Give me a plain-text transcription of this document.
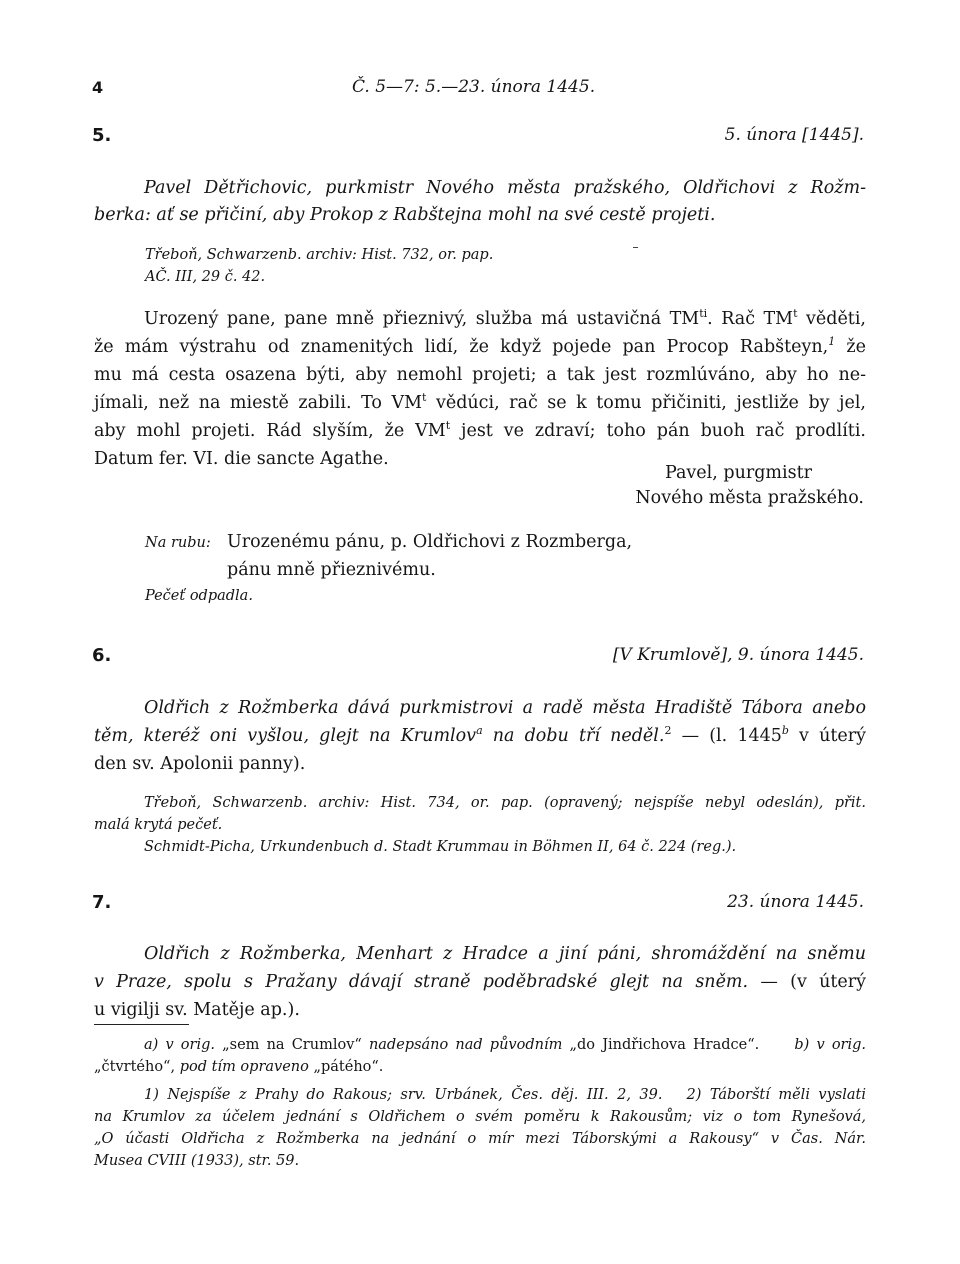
4	Č. 5—7: 5.—23. února 1445.
5.	5. února [1445].
Pavel Dětřichovic, purkmistr Nového města pražského, Oldřichovi z Rožm-
berka: ať se přičiní, aby Prokop z Rabštejna mohl na své cestě projeti.
Třeboň, Schwarzenb. archiv: Hist. 732, or. pap.
AČ. III, 29 č. 42.
Urozený pane, pane mně přieznivý, služba má ustavičná $TM^{ti}$. Rač $TM^t$ věděti,
že mám výstrahu od znamenitých lidí, že když pojede pan Procop Rabšteyn,$^1$ že
mu má cesta osazena býti, aby nemohl projeti; a tak jest rozmlúváno, aby ho ne-
jímali, než na miestě zabili. To $VM^t$ vědúci, rač se k tomu přičiniti, jestliže by jel,
aby mohl projeti. Rád slyším, že $VM^t$ jest ve zdraví; toho pán buoh rač prodlíti.
Datum fer. VI. die sancte Agathe.
Pavel, purgmistr
Nového města pražského.
Na rubu: Urozenému pánu, p. Oldřichovi z Rozmberga,
pánu mně přieznivému.
Pečeť odpadla.
6.	[V Krumlově], 9. února 1445.
Oldřich z Rožmberka dává purkmistrovi a radě města Hradiště Tábora anebo
těm, kteréž oni vyšlou, glejt na Krumlov$^a$ na dobu tří neděl.$^2$ — (l. 1445$^b$ v úterý
den sv. Apolonii panny).
Třeboň, Schwarzenb. archiv: Hist. 734, or. pap. (opravený; nejspíše nebyl odeslán), přit.
malá krytá pečeť.
Schmidt-Picha, Urkundenbuch d. Stadt Krummau in Böhmen II, 64 č. 224 (reg.).
7.	23. února 1445.
Oldřich z Rožmberka, Menhart z Hradce a jiní páni, shromáždění na sněmu
v Praze, spolu s Pražany dávají straně poděbradské glejt na sněm. — (v úterý
u vigilji sv. Matěje ap.).
a) v orig. „sem na Crumlov“ nadepsáno nad původním „do Jindřichova Hradce“. b) v orig.
„čtvrtého“, pod tím opraveno „pátého“.
1) Nejspíše z Prahy do Rakous; srv. Urbánek, Čes. děj. III. 2, 39. 2) Táborští měli vyslati
na Krumlov za účelem jednání s Oldřichem o svém poměru k Rakousům; viz o tom Rynešová,
„O účasti Oldřicha z Rožmberka na jednání o mír mezi Táborskými a Rakousy“ v Čas. Nár.
Musea CVIII (1933), str. 59.
